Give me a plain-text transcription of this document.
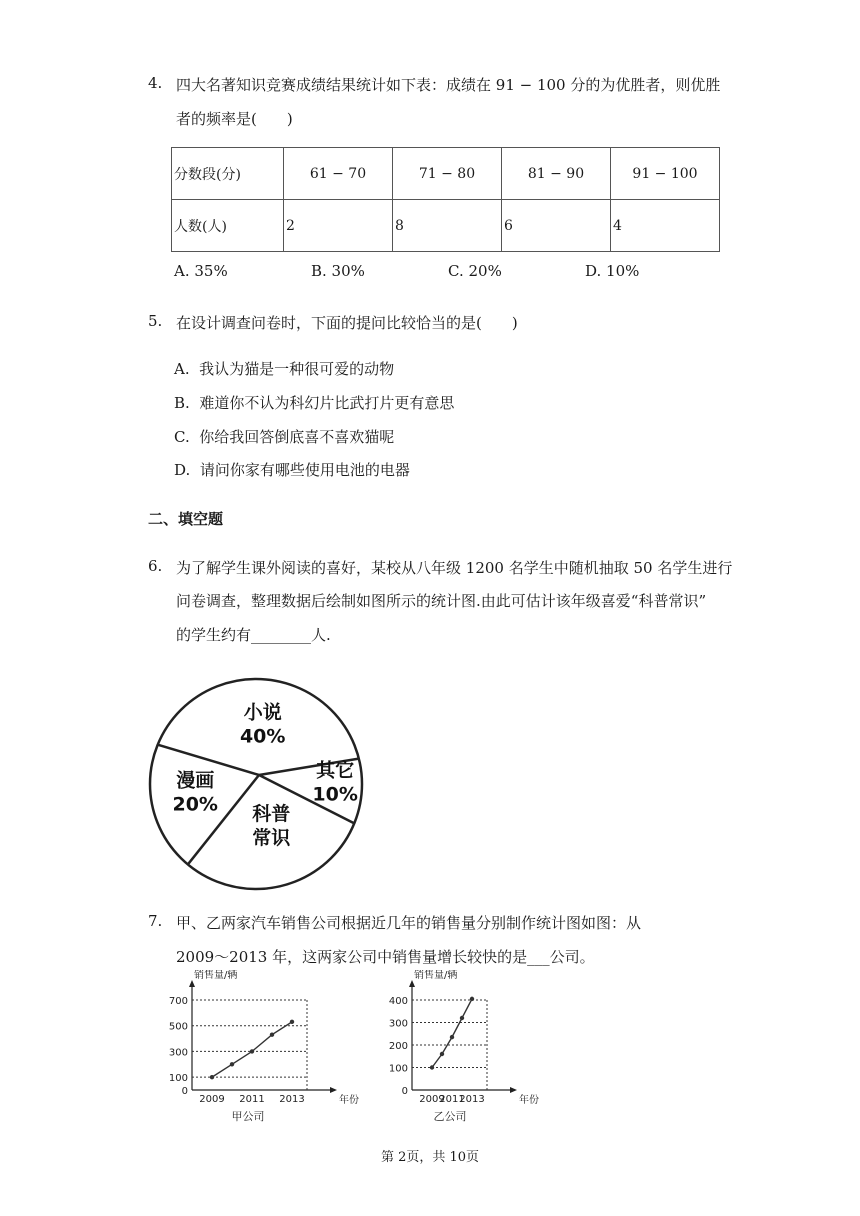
4. 四大名著知识竞赛成绩结果统计如下表：成绩在 91 − 100 分的为优胜者，则优胜
者的频率是(　　)
分数段(分)	61 − 70	71 − 80	81 − 90	91 − 100
人数(人)	2	8	6	4
A. 35%	B. 30%	C. 20%	D. 10%
5. 在设计调查问卷时，下面的提问比较恰当的是(　　)
A. 我认为猫是一种很可爱的动物
B. 难道你不认为科幻片比武打片更有意思
C. 你给我回答倒底喜不喜欢猫呢
D. 请问你家有哪些使用电池的电器
二、填空题
6. 为了解学生课外阅读的喜好，某校从八年级 1200 名学生中随机抽取 50 名学生进行
问卷调查，整理数据后绘制如图所示的统计图.由此可估计该年级喜爱“科普常识”
的学生约有________人.
小说
40%
其它
10%
科普
常识
漫画
20%
7. 甲、乙两家汽车销售公司根据近几年的销售量分别制作统计图如图：从
2009～2013 年，这两家公司中销售量增长较快的是___公司。
0
100
300
500
700
2009 2011 2013
销售量/辆
年份
甲公司
0
100
200
300
400
2009
2011
2013
销售量/辆
年份
乙公司
第 2页，共 10页
